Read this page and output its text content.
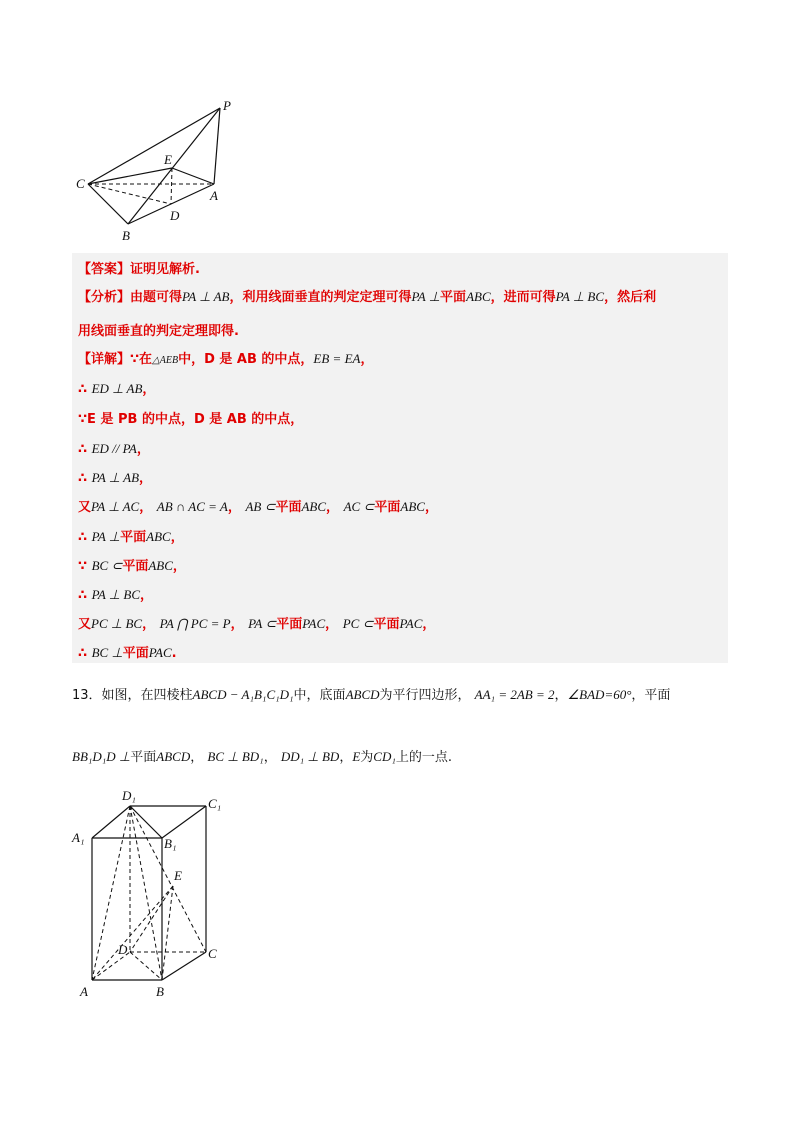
P
E
C
A
D
B
【答案】证明见解析.
【分析】由题可得PA ⊥ AB，利用线面垂直的判定定理可得PA ⊥平面ABC，进而可得PA ⊥ BC，然后利
用线面垂直的判定定理即得.
【详解】∵在△AEB中，D 是 AB 的中点，EB = EA，
∴ ED ⊥ AB，
∵E 是 PB 的中点，D 是 AB 的中点，
∴ ED // PA，
∴ PA ⊥ AB，
又PA ⊥ AC， AB ∩ AC = A， AB ⊂平面ABC， AC ⊂平面ABC，
∴ PA ⊥平面ABC，
∵ BC ⊂平面ABC，
∴ PA ⊥ BC，
又PC ⊥ BC， PA ⋂ PC = P， PA ⊂平面PAC， PC ⊂平面PAC，
∴ BC ⊥平面PAC.
13．如图，在四棱柱ABCD − A₁B₁C₁D₁中，底面ABCD为平行四边形， AA₁ = 2AB = 2，∠BAD=60°，平面
BB₁D₁D ⊥平面ABCD， BC ⊥ BD₁， DD₁ ⊥ BD，E为CD₁上的一点.
D₁
C₁
A₁	B₁
E
D	C
A	B
